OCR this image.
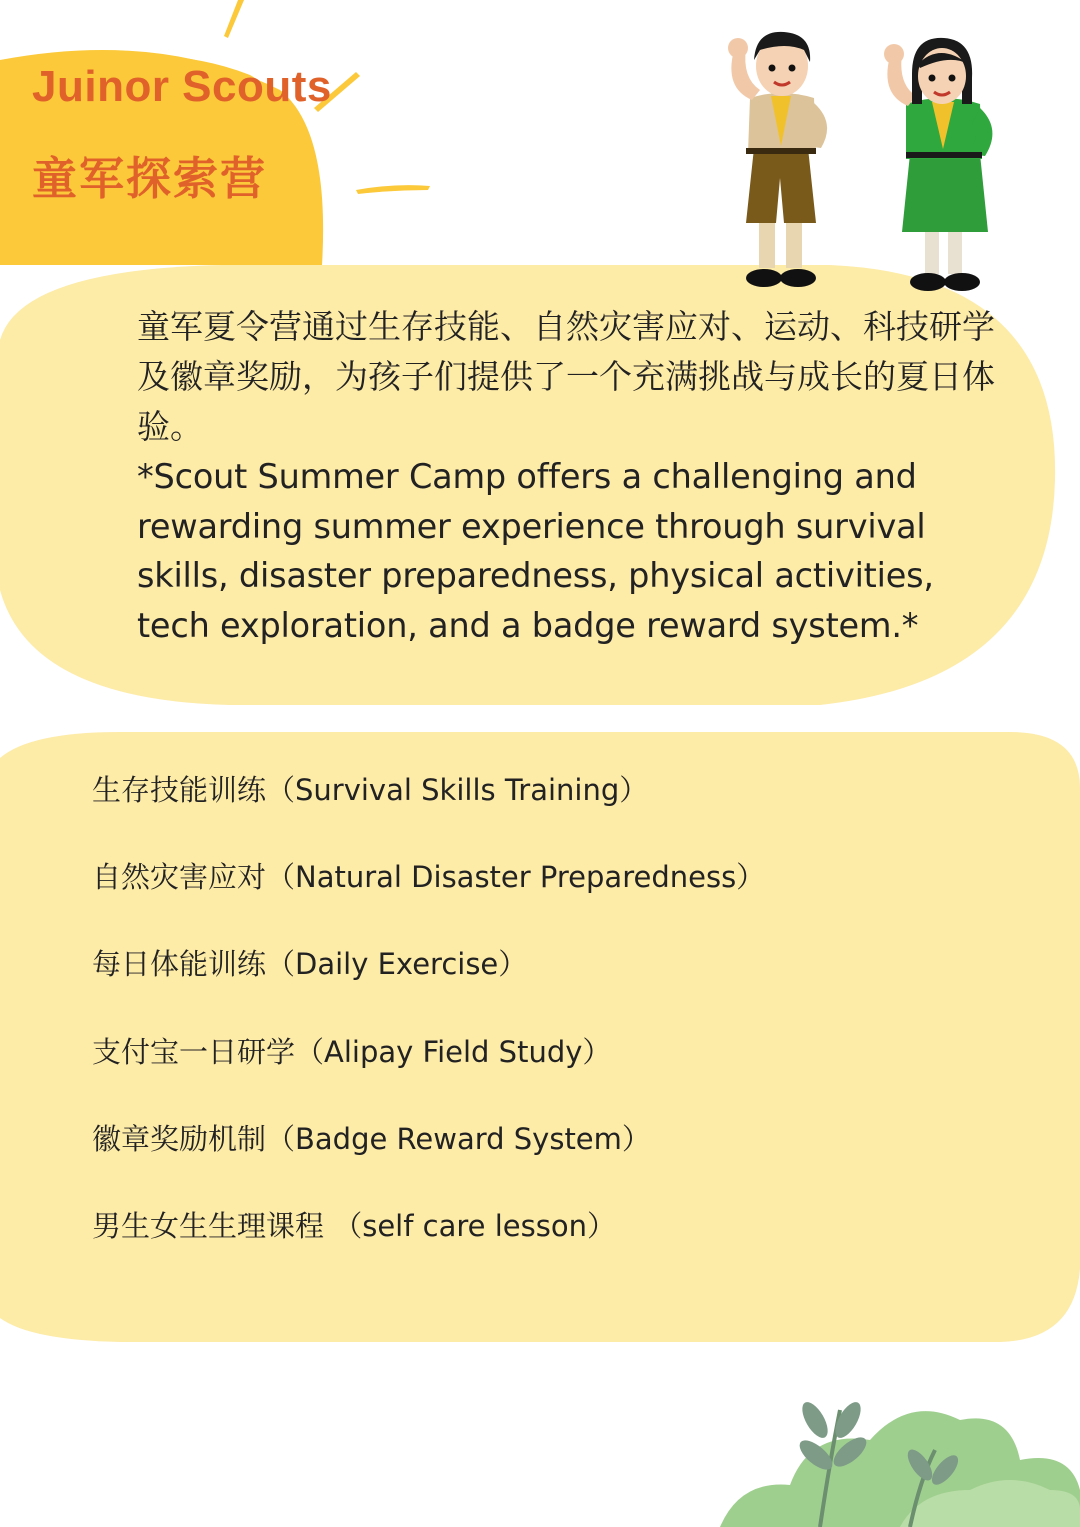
Juinor Scouts
童军探索营

童军夏令营通过生存技能、自然灾害应对、运动、科技研学及徽章奖励，为孩子们提供了一个充满挑战与成长的夏日体验。

*Scout Summer Camp offers a challenging and rewarding summer experience through survival skills, disaster preparedness, physical activities, tech exploration, and a badge reward system.*

生存技能训练（Survival Skills Training）
自然灾害应对（Natural Disaster Preparedness）
每日体能训练（Daily Exercise）
支付宝一日研学（Alipay Field Study）
徽章奖励机制（Badge Reward System）
男生女生生理课程 （self care lesson）
